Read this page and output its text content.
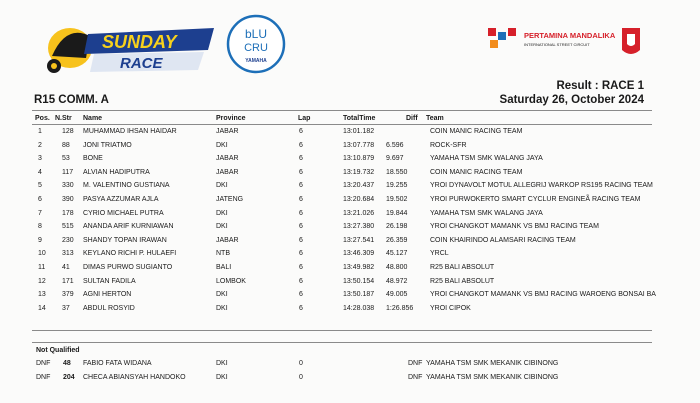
SUNDAY
RACE
bLU
CRU
YAMAHA
PERTAMINA MANDALIKA
INTERNATIONAL STREET CIRCUIT
Result : RACE 1
Saturday 26, October 2024
R15 COMM. A
Pos. N.Str Name	Province	Lap	TotalTime	Diff Team
1	128 MUHAMMAD IHSAN HAIDAR	JABAR	6	13:01.182	COIN MANIC RACING TEAM
2	88 JONI TRIATMO	DKI	6	13:07.778 6.596	ROCK-SFR
3	53 BONE	JABAR	6	13:10.879 9.697	YAMAHA TSM SMK WALANG JAYA
4	117 ALVIAN HADIPUTRA	JABAR	6	13:19.732 18.550	COIN MANIC RACING TEAM
5	330 M. VALENTINO GUSTIANA	DKI	6	13:20.437 19.255	YROI DYNAVOLT MOTUL ALLEGRIJ WARKOP RS195 RACING TEAM
6	390 PASYA AZZUMAR AJLA	JATENG	6	13:20.684 19.502	YROI PURWOKERTO SMART CYCLUR ENGINEÃ RACING TEAM
7	178 CYRIO MICHAEL PUTRA	DKI	6	13:21.026 19.844	YAMAHA TSM SMK WALANG JAYA
8	515 ANANDA ARIF KURNIAWAN	DKI	6	13:27.380 26.198	YROI CHANGKOT MAMANK VS BMJ RACING TEAM
9	230 SHANDY TOPAN IRAWAN	JABAR	6	13:27.541 26.359	COIN KHAIRINDO ALAMSARI RACING TEAM
10 313 KEYLANO RICHI P. HULAEFI	NTB	6	13:46.309 45.127	YRCL
11 41 DIMAS PURWO SUGIANTO	BALI	6	13:49.982 48.800	R25 BALI ABSOLUT
12 171 SULTAN FADILA	LOMBOK	6	13:50.154 48.972	R25 BALI ABSOLUT
13 379 AGNI HERTON	DKI	6	13:50.187 49.005	YROI CHANGKOT MAMANK VS BMJ RACING WAROENG BONSAI BA
14 37 ABDUL ROSYID	DKI	6	14:28.038 1:26.856 YROI CIPOK
Not Qualified
DNF 48 FABIO FATA WIDANA	DKI	0	DNF YAMAHA TSM SMK MEKANIK CIBINONG
DNF 204 CHECA ABIANSYAH HANDOKO	DKI	0	DNF YAMAHA TSM SMK MEKANIK CIBINONG
